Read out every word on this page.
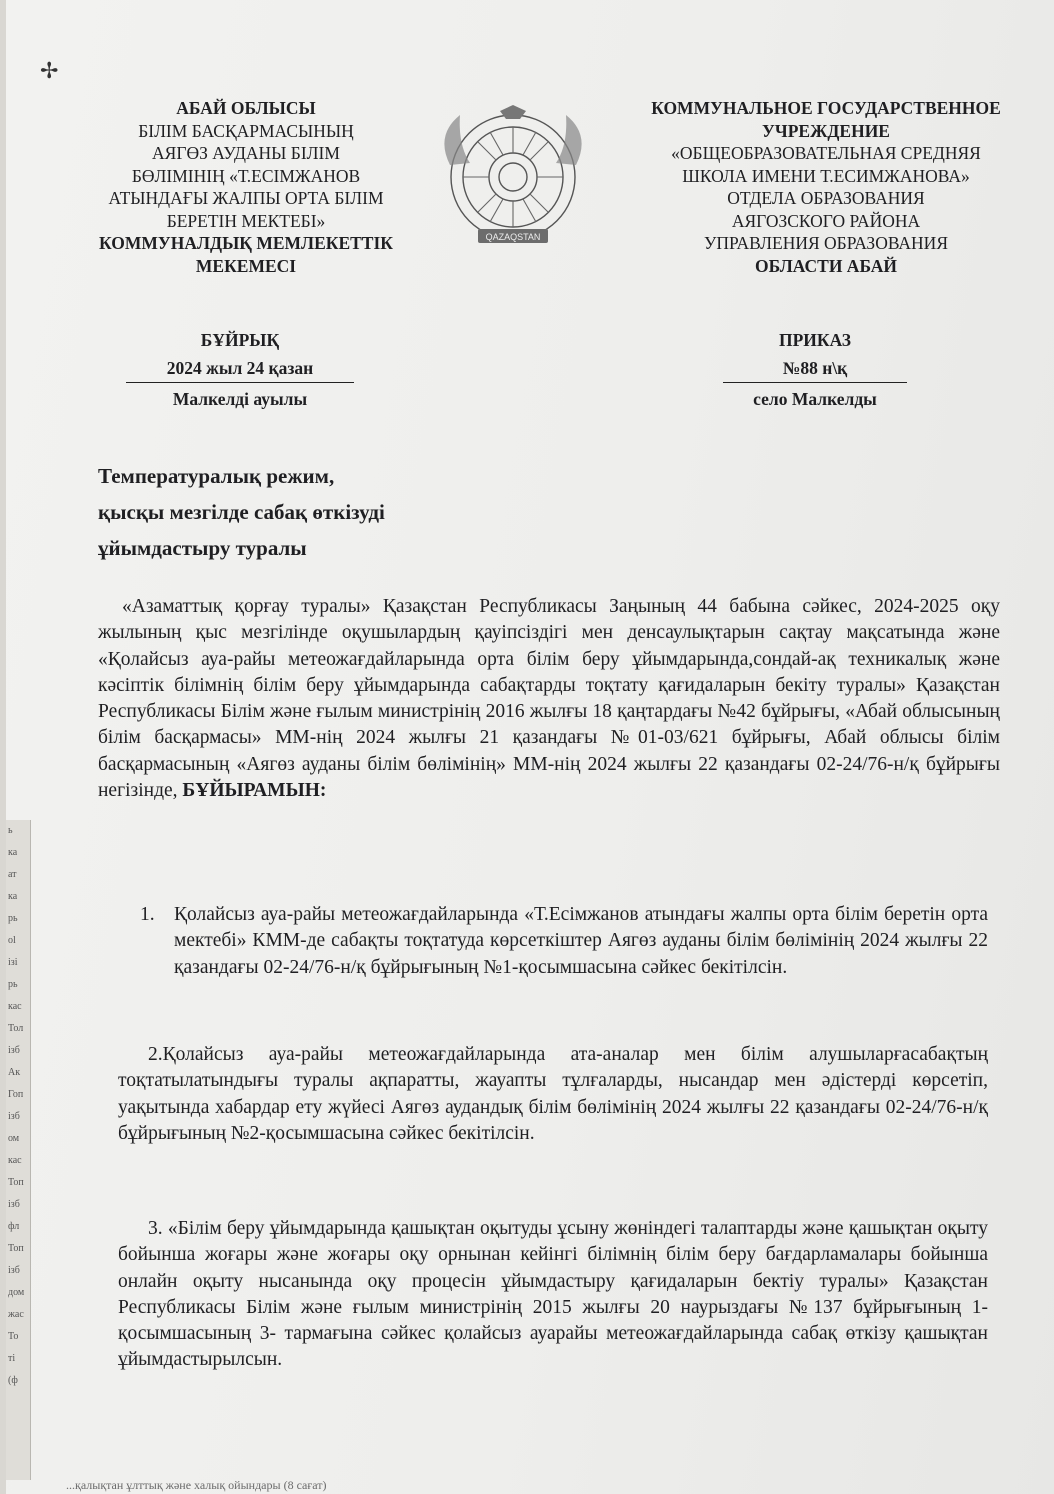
ь
ка
ат
ка
рь
ol
ізі
рь
кас
Тол
ізб
Ак
Гоп
ізб
ом
кас
Топ
ізб
фл
Топ
ізб
дом
жас
То
ті
(ф
✢
АБАЙ ОБЛЫСЫ
БІЛІМ БАСҚАРМАСЫНЫҢ
АЯГӨЗ АУДАНЫ БІЛІМ
БӨЛІМІНІҢ «Т.ЕСІМЖАНОВ
АТЫНДАҒЫ ЖАЛПЫ ОРТА БІЛІМ
БЕРЕТІН МЕКТЕБІ»
КОММУНАЛДЫҚ МЕМЛЕКЕТТІК
МЕКЕМЕСІ
QAZAQSTAN
КОММУНАЛЬНОЕ ГОСУДАРСТВЕННОЕ
УЧРЕЖДЕНИЕ
«ОБЩЕОБРАЗОВАТЕЛЬНАЯ СРЕДНЯЯ
ШКОЛА ИМЕНИ Т.ЕСИМЖАНОВА»
ОТДЕЛА ОБРАЗОВАНИЯ
АЯГОЗСКОГО РАЙОНА
УПРАВЛЕНИЯ ОБРАЗОВАНИЯ
ОБЛАСТИ АБАЙ
БҰЙРЫҚ
2024 жыл 24 қазан
Малкелді ауылы
ПРИКАЗ
№88 н\қ
село Малкелды
Температуралық режим,
қысқы мезгілде сабақ өткізуді
ұйымдастыру туралы

«Азаматтық қорғау туралы» Қазақстан Республикасы Заңының 44 бабына сәйкес, 2024-2025 оқу жылының қыс мезгілінде оқушылардың қауіпсіздігі мен денсаулықтарын сақтау мақсатында және «Қолайсыз ауа-райы метеожағдайларында орта білім беру ұйымдарында,сондай-ақ техникалық және кәсіптік білімнің білім беру ұйымдарында сабақтарды тоқтату қағидаларын бекіту туралы» Қазақстан Республикасы Білім және ғылым министрінің 2016 жылғы 18 қаңтардағы №42 бұйрығы, «Абай облысының білім басқармасы» ММ-нің 2024 жылғы 21 қазандағы №01-03/621 бұйрығы, Абай облысы білім басқармасының «Аягөз ауданы білім бөлімінің» ММ-нің 2024 жылғы 22 қазандағы 02-24/76-н/қ бұйрығы негізінде, БҰЙЫРАМЫН:

1. Қолайсыз ауа-райы метеожағдайларында «Т.Есімжанов атындағы жалпы орта білім беретін орта мектебі» КММ-де сабақты тоқтатуда көрсеткіштер Аягөз ауданы білім бөлімінің 2024 жылғы 22 қазандағы 02-24/76-н/қ бұйрығының №1-қосымшасына сәйкес бекітілсін.
2.Қолайсыз ауа-райы метеожағдайларында ата-аналар мен білім алушыларғасабақтың тоқтатылатындығы туралы ақпаратты, жауапты тұлғаларды, нысандар мен әдістерді көрсетіп, уақытында хабардар ету жүйесі Аягөз аудандық білім бөлімінің 2024 жылғы 22 қазандағы 02-24/76-н/қ бұйрығының №2-қосымшасына сәйкес бекітілсін.
3. «Білім беру ұйымдарында қашықтан оқытуды ұсыну жөніндегі талаптарды және қашықтан оқыту бойынша жоғары және жоғары оқу орнынан кейінгі білімнің білім беру бағдарламалары бойынша онлайн оқыту нысанында оқу процесін ұйымдастыру қағидаларын бектіу туралы» Қазақстан Республикасы Білім және ғылым министрінің 2015 жылғы 20 наурыздағы №137 бұйрығының 1-қосымшасының 3- тармағына сәйкес қолайсыз ауарайы метеожағдайларында сабақ өткізу қашықтан ұйымдастырылсын.
...қалықтан ұлттық және халық ойындары (8 сағат)
